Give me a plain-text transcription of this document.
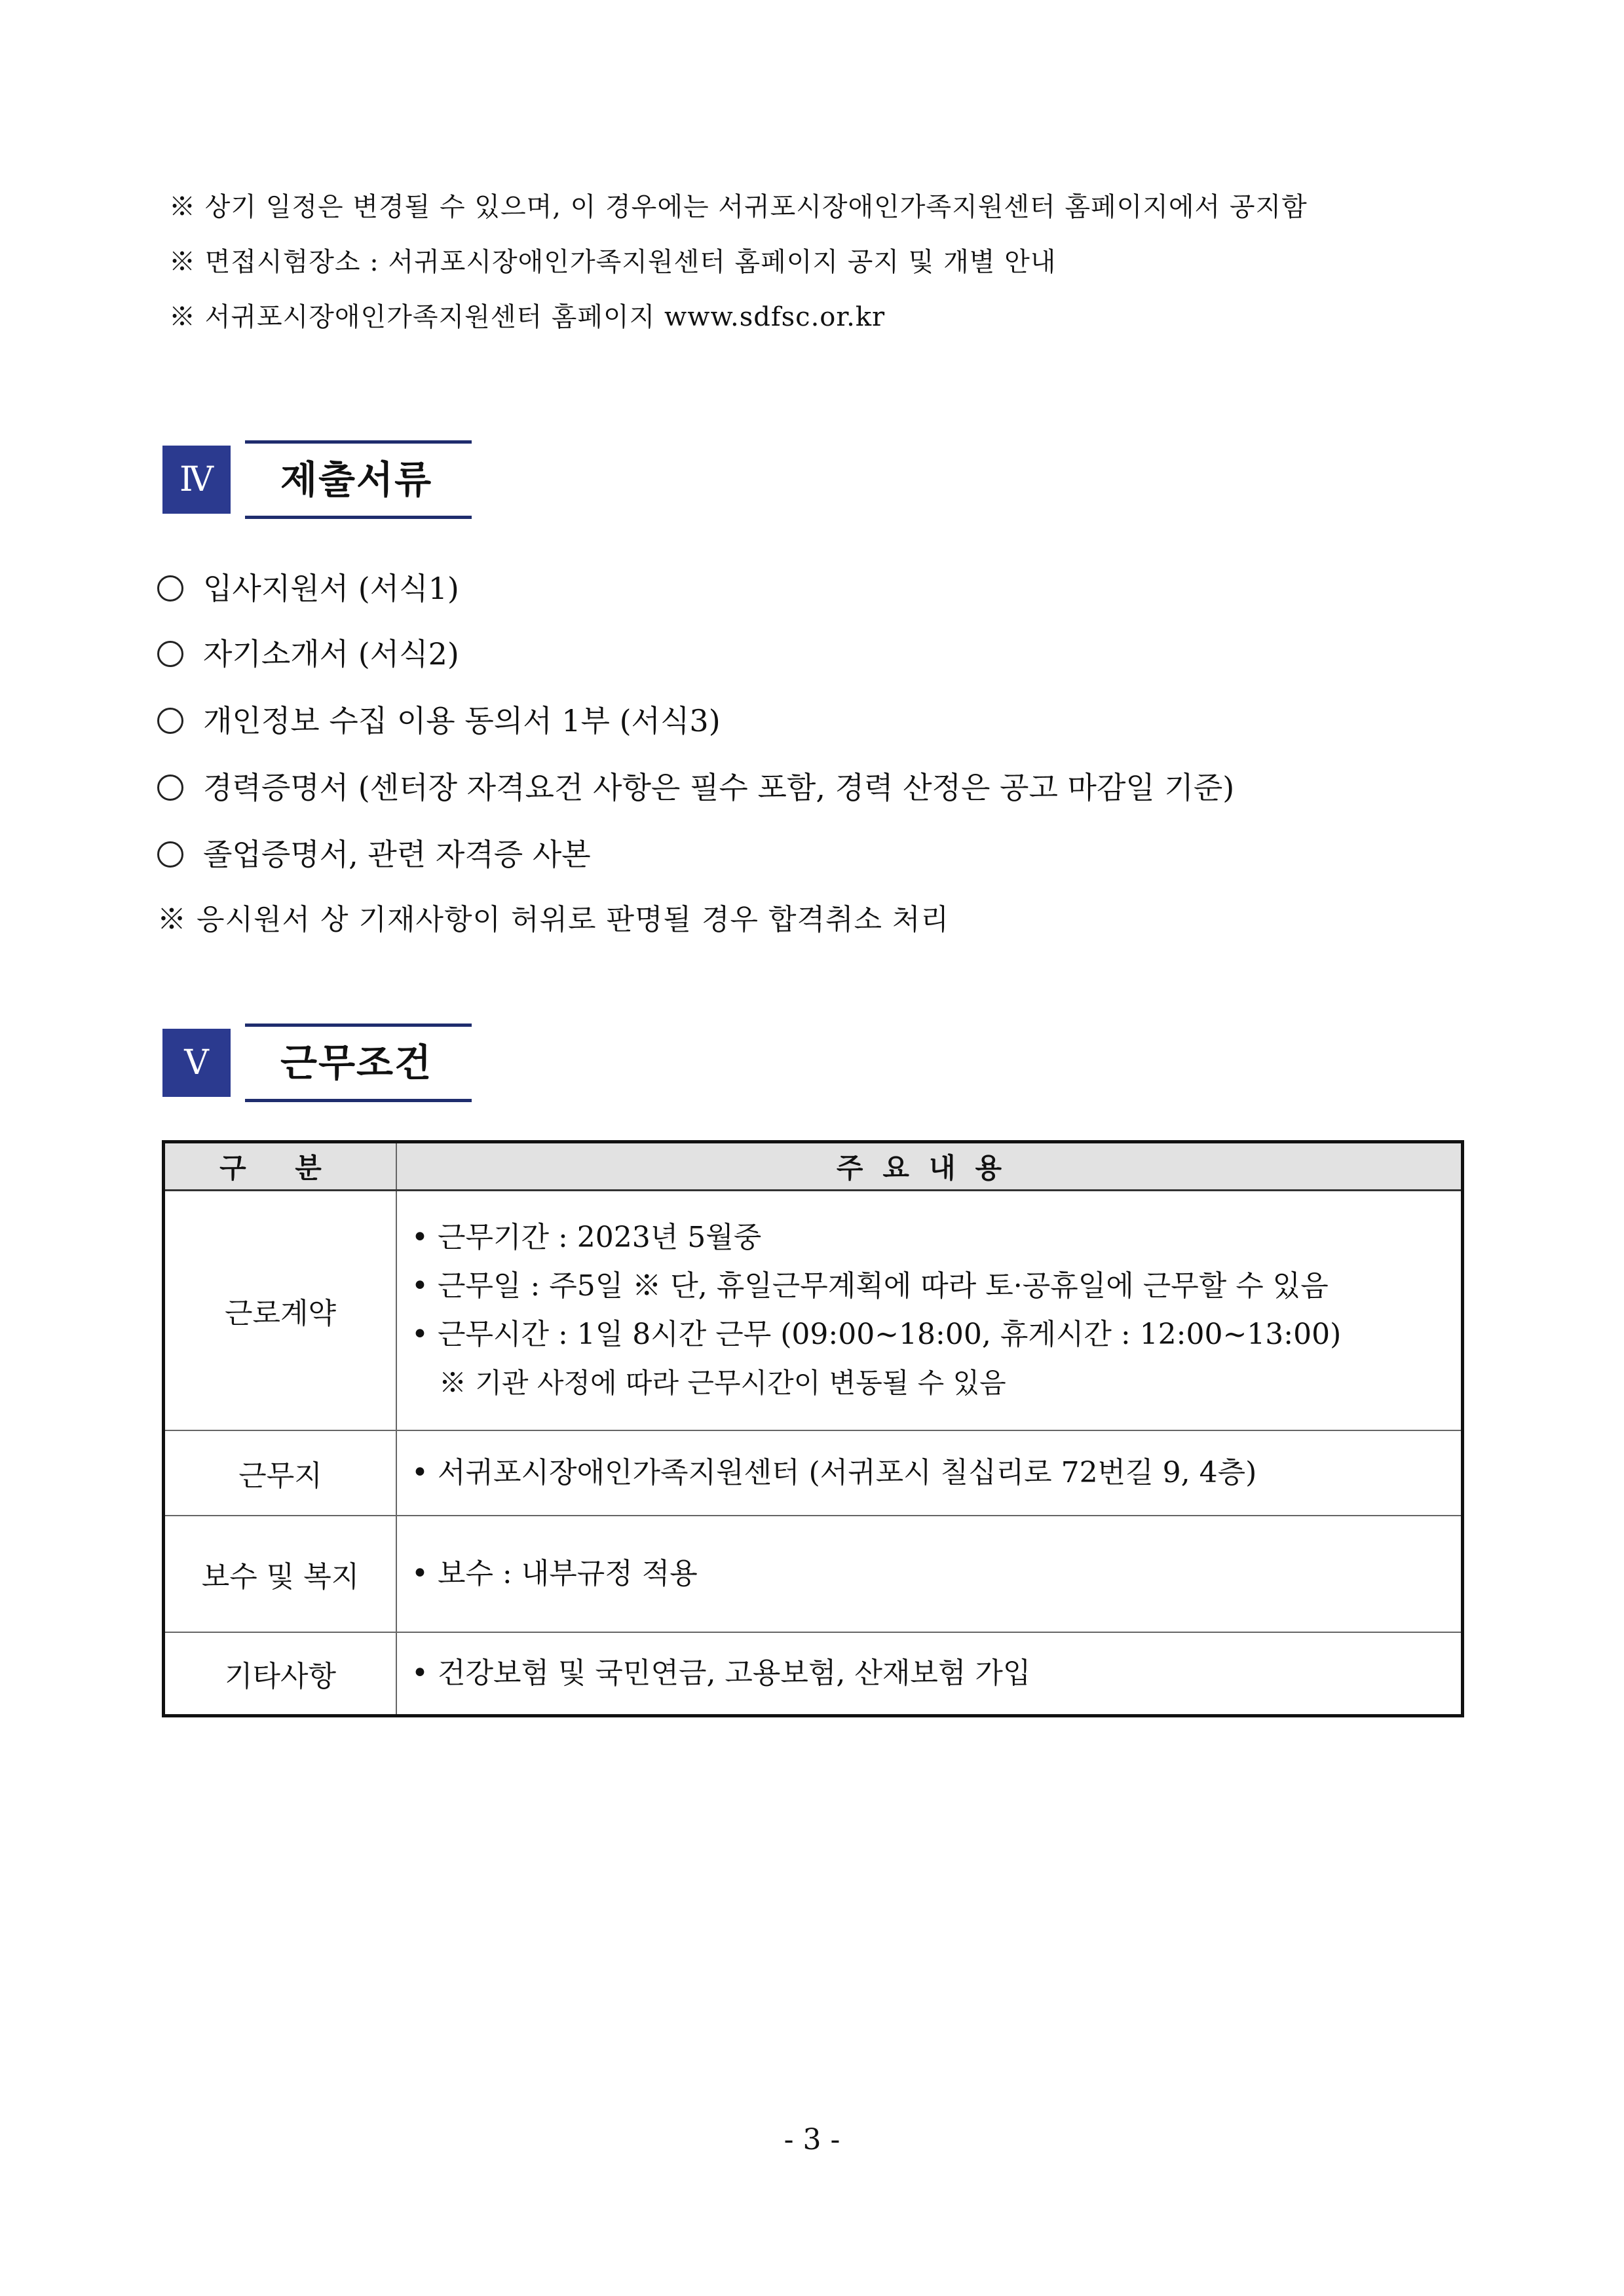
※ 상기 일정은 변경될 수 있으며, 이 경우에는 서귀포시장애인가족지원센터 홈페이지에서 공지함
※ 면접시험장소 : 서귀포시장애인가족지원센터 홈페이지 공지 및 개별 안내
※ 서귀포시장애인가족지원센터 홈페이지 www.sdfsc.or.kr
Ⅳ	제출서류
입사지원서 (서식1)
자기소개서 (서식2)
개인정보 수집 이용 동의서 1부 (서식3)
경력증명서 (센터장 자격요건 사항은 필수 포함, 경력 산정은 공고 마감일 기준)
졸업증명서, 관련 자격증 사본
※ 응시원서 상 기재사항이 허위로 판명될 경우 합격취소 처리
Ⅴ	근무조건
구 분	주요내용
근로계약	• 근무기간 : 2023년 5월중
• 근무일 : 주5일 ※ 단, 휴일근무계획에 따라 토·공휴일에 근무할 수 있음
• 근무시간 : 1일 8시간 근무 (09:00∼18:00, 휴게시간 : 12:00∼13:00)
※ 기관 사정에 따라 근무시간이 변동될 수 있음

근무지	• 서귀포시장애인가족지원센터 (서귀포시 칠십리로 72번길 9, 4층)

보수 및 복지	• 보수 : 내부규정 적용

기타사항	• 건강보험 및 국민연금, 고용보험, 산재보험 가입
- 3 -
